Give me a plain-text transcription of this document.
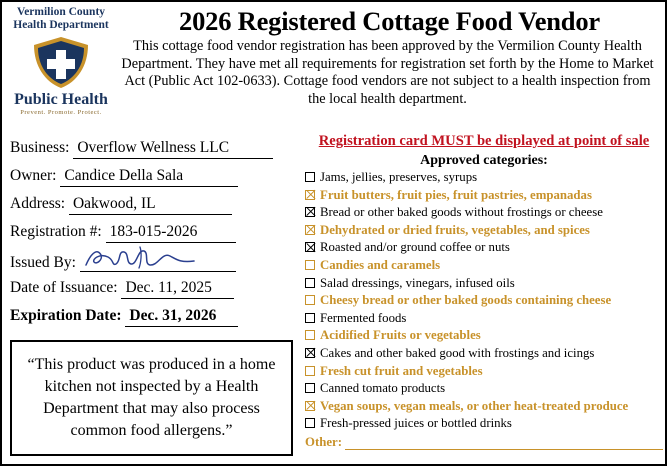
Vermilion County
Health Department
Public Health
Prevent. Promote. Protect.
2026 Registered Cottage Food Vendor
This cottage food vendor registration has been approved by the Vermilion County Health Department. They have met all requirements for registration set forth by the Home to Market Act (Public Act 102-0633). Cottage food vendors are not subject to a health inspection from the local health department.
Registration card MUST be displayed at point of sale
Business: Overflow Wellness LLC
Owner: Candice Della Sala
Address: Oakwood, IL
Registration #: 183-015-2026
Issued By:
Date of Issuance: Dec. 11, 2025
Expiration Date: Dec. 31, 2026
“This product was produced in a home kitchen not inspected by a Health Department that may also process common food allergens.”
Approved categories:
Jams, jellies, preserves, syrups
Fruit butters, fruit pies, fruit pastries, empanadas
Bread or other baked goods without frostings or cheese
Dehydrated or dried fruits, vegetables, and spices
Roasted and/or ground coffee or nuts
Candies and caramels
Salad dressings, vinegars, infused oils
Cheesy bread or other baked goods containing cheese
Fermented foods
Acidified Fruits or vegetables
Cakes and other baked good with frostings and icings
Fresh cut fruit and vegetables
Canned tomato products
Vegan soups, vegan meals, or other heat-treated produce
Fresh-pressed juices or bottled drinks
Other:
